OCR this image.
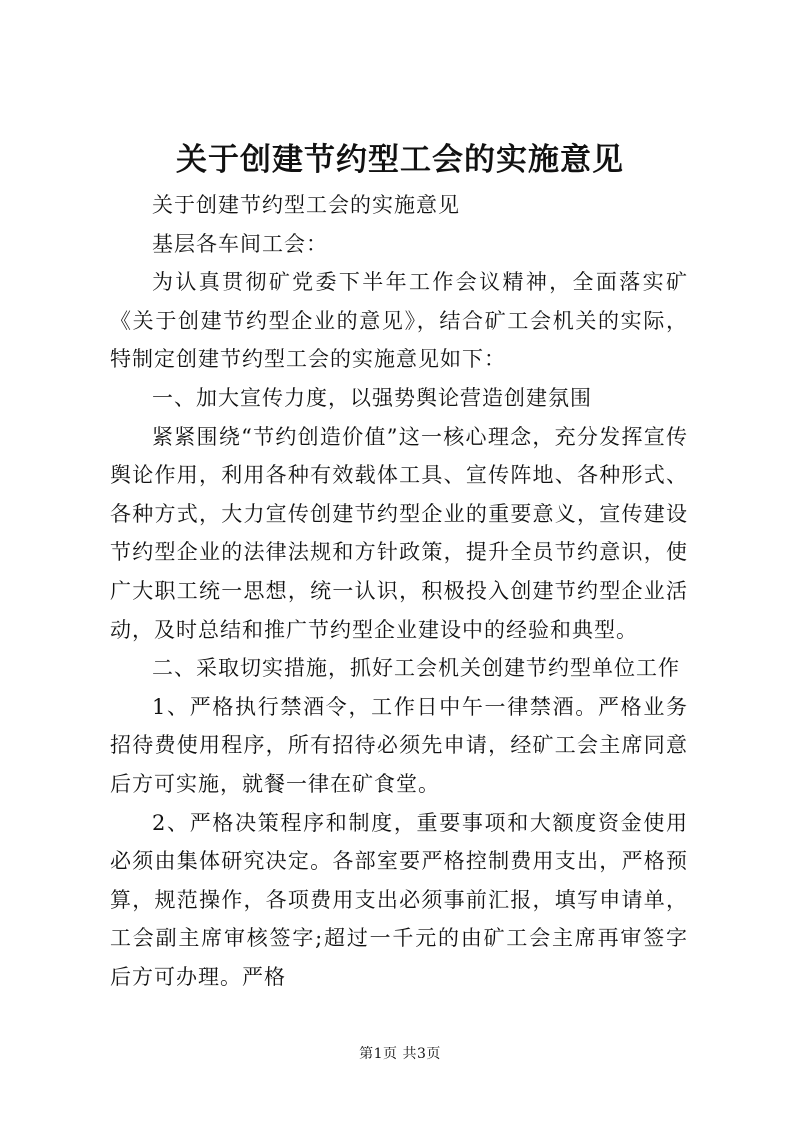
关于创建节约型工会的实施意见

关于创建节约型工会的实施意见

基层各车间工会：

为认真贯彻矿党委下半年工作会议精神，全面落实矿《关于创建节约型企业的意见》，结合矿工会机关的实际，特制定创建节约型工会的实施意见如下：

一、加大宣传力度，以强势舆论营造创建氛围

紧紧围绕“节约创造价值”这一核心理念，充分发挥宣传舆论作用，利用各种有效载体工具、宣传阵地、各种形式、各种方式，大力宣传创建节约型企业的重要意义，宣传建设节约型企业的法律法规和方针政策，提升全员节约意识，使广大职工统一思想，统一认识，积极投入创建节约型企业活动，及时总结和推广节约型企业建设中的经验和典型。

二、采取切实措施，抓好工会机关创建节约型单位工作

1、严格执行禁酒令，工作日中午一律禁酒。严格业务招待费使用程序，所有招待必须先申请，经矿工会主席同意后方可实施，就餐一律在矿食堂。

2、严格决策程序和制度，重要事项和大额度资金使用必须由集体研究决定。各部室要严格控制费用支出，严格预算，规范操作，各项费用支出必须事前汇报，填写申请单，工会副主席审核签字;超过一千元的由矿工会主席再审签字后方可办理。严格

第1页 共3页
